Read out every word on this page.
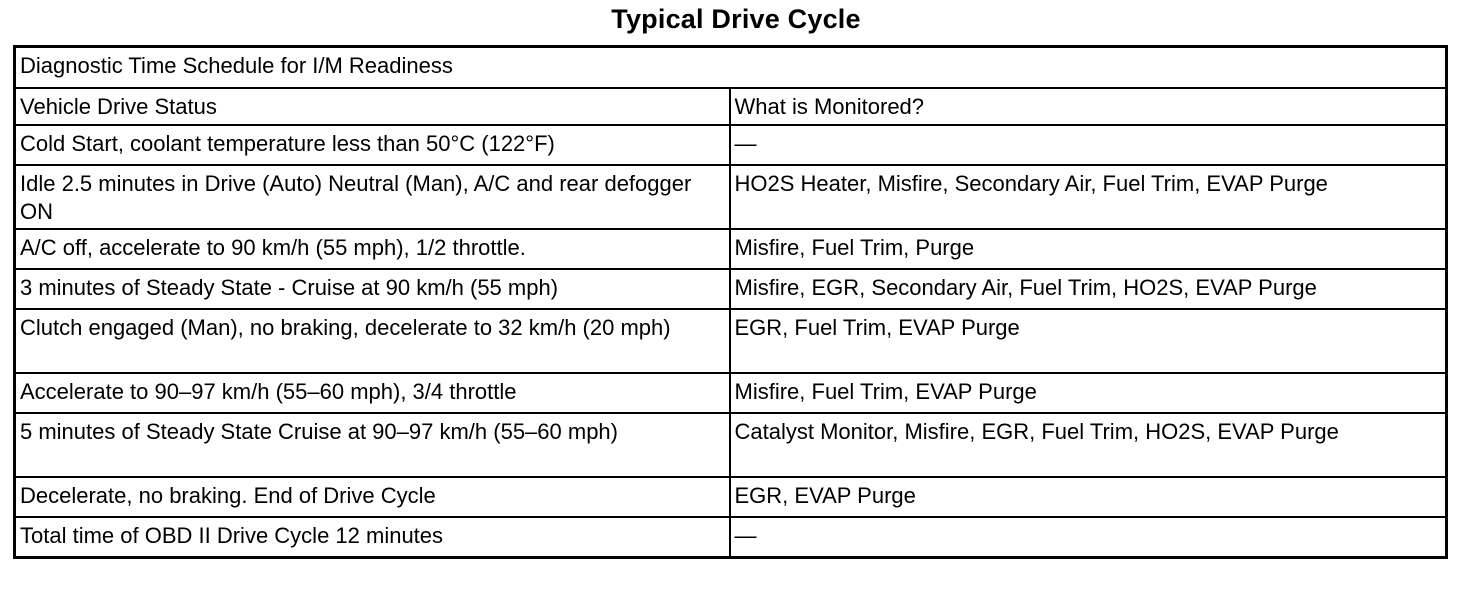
Typical Drive Cycle
Diagnostic Time Schedule for I/M Readiness	
Vehicle Drive Status	What is Monitored?
Cold Start, coolant temperature less than 50°C (122°F)	—
Idle 2.5 minutes in Drive (Auto) Neutral (Man), A/C and rear defogger ON	HO2S Heater, Misfire, Secondary Air, Fuel Trim, EVAP Purge
A/C off, accelerate to 90 km/h (55 mph), 1/2 throttle.	Misfire, Fuel Trim, Purge
3 minutes of Steady State - Cruise at 90 km/h (55 mph)	Misfire, EGR, Secondary Air, Fuel Trim, HO2S, EVAP Purge
Clutch engaged (Man), no braking, decelerate to 32 km/h (20 mph)	EGR, Fuel Trim, EVAP Purge
Accelerate to 90–97 km/h (55–60 mph), 3/4 throttle	Misfire, Fuel Trim, EVAP Purge
5 minutes of Steady State Cruise at 90–97 km/h (55–60 mph)	Catalyst Monitor, Misfire, EGR, Fuel Trim, HO2S, EVAP Purge
Decelerate, no braking. End of Drive Cycle	EGR, EVAP Purge
Total time of OBD II Drive Cycle 12 minutes	—
